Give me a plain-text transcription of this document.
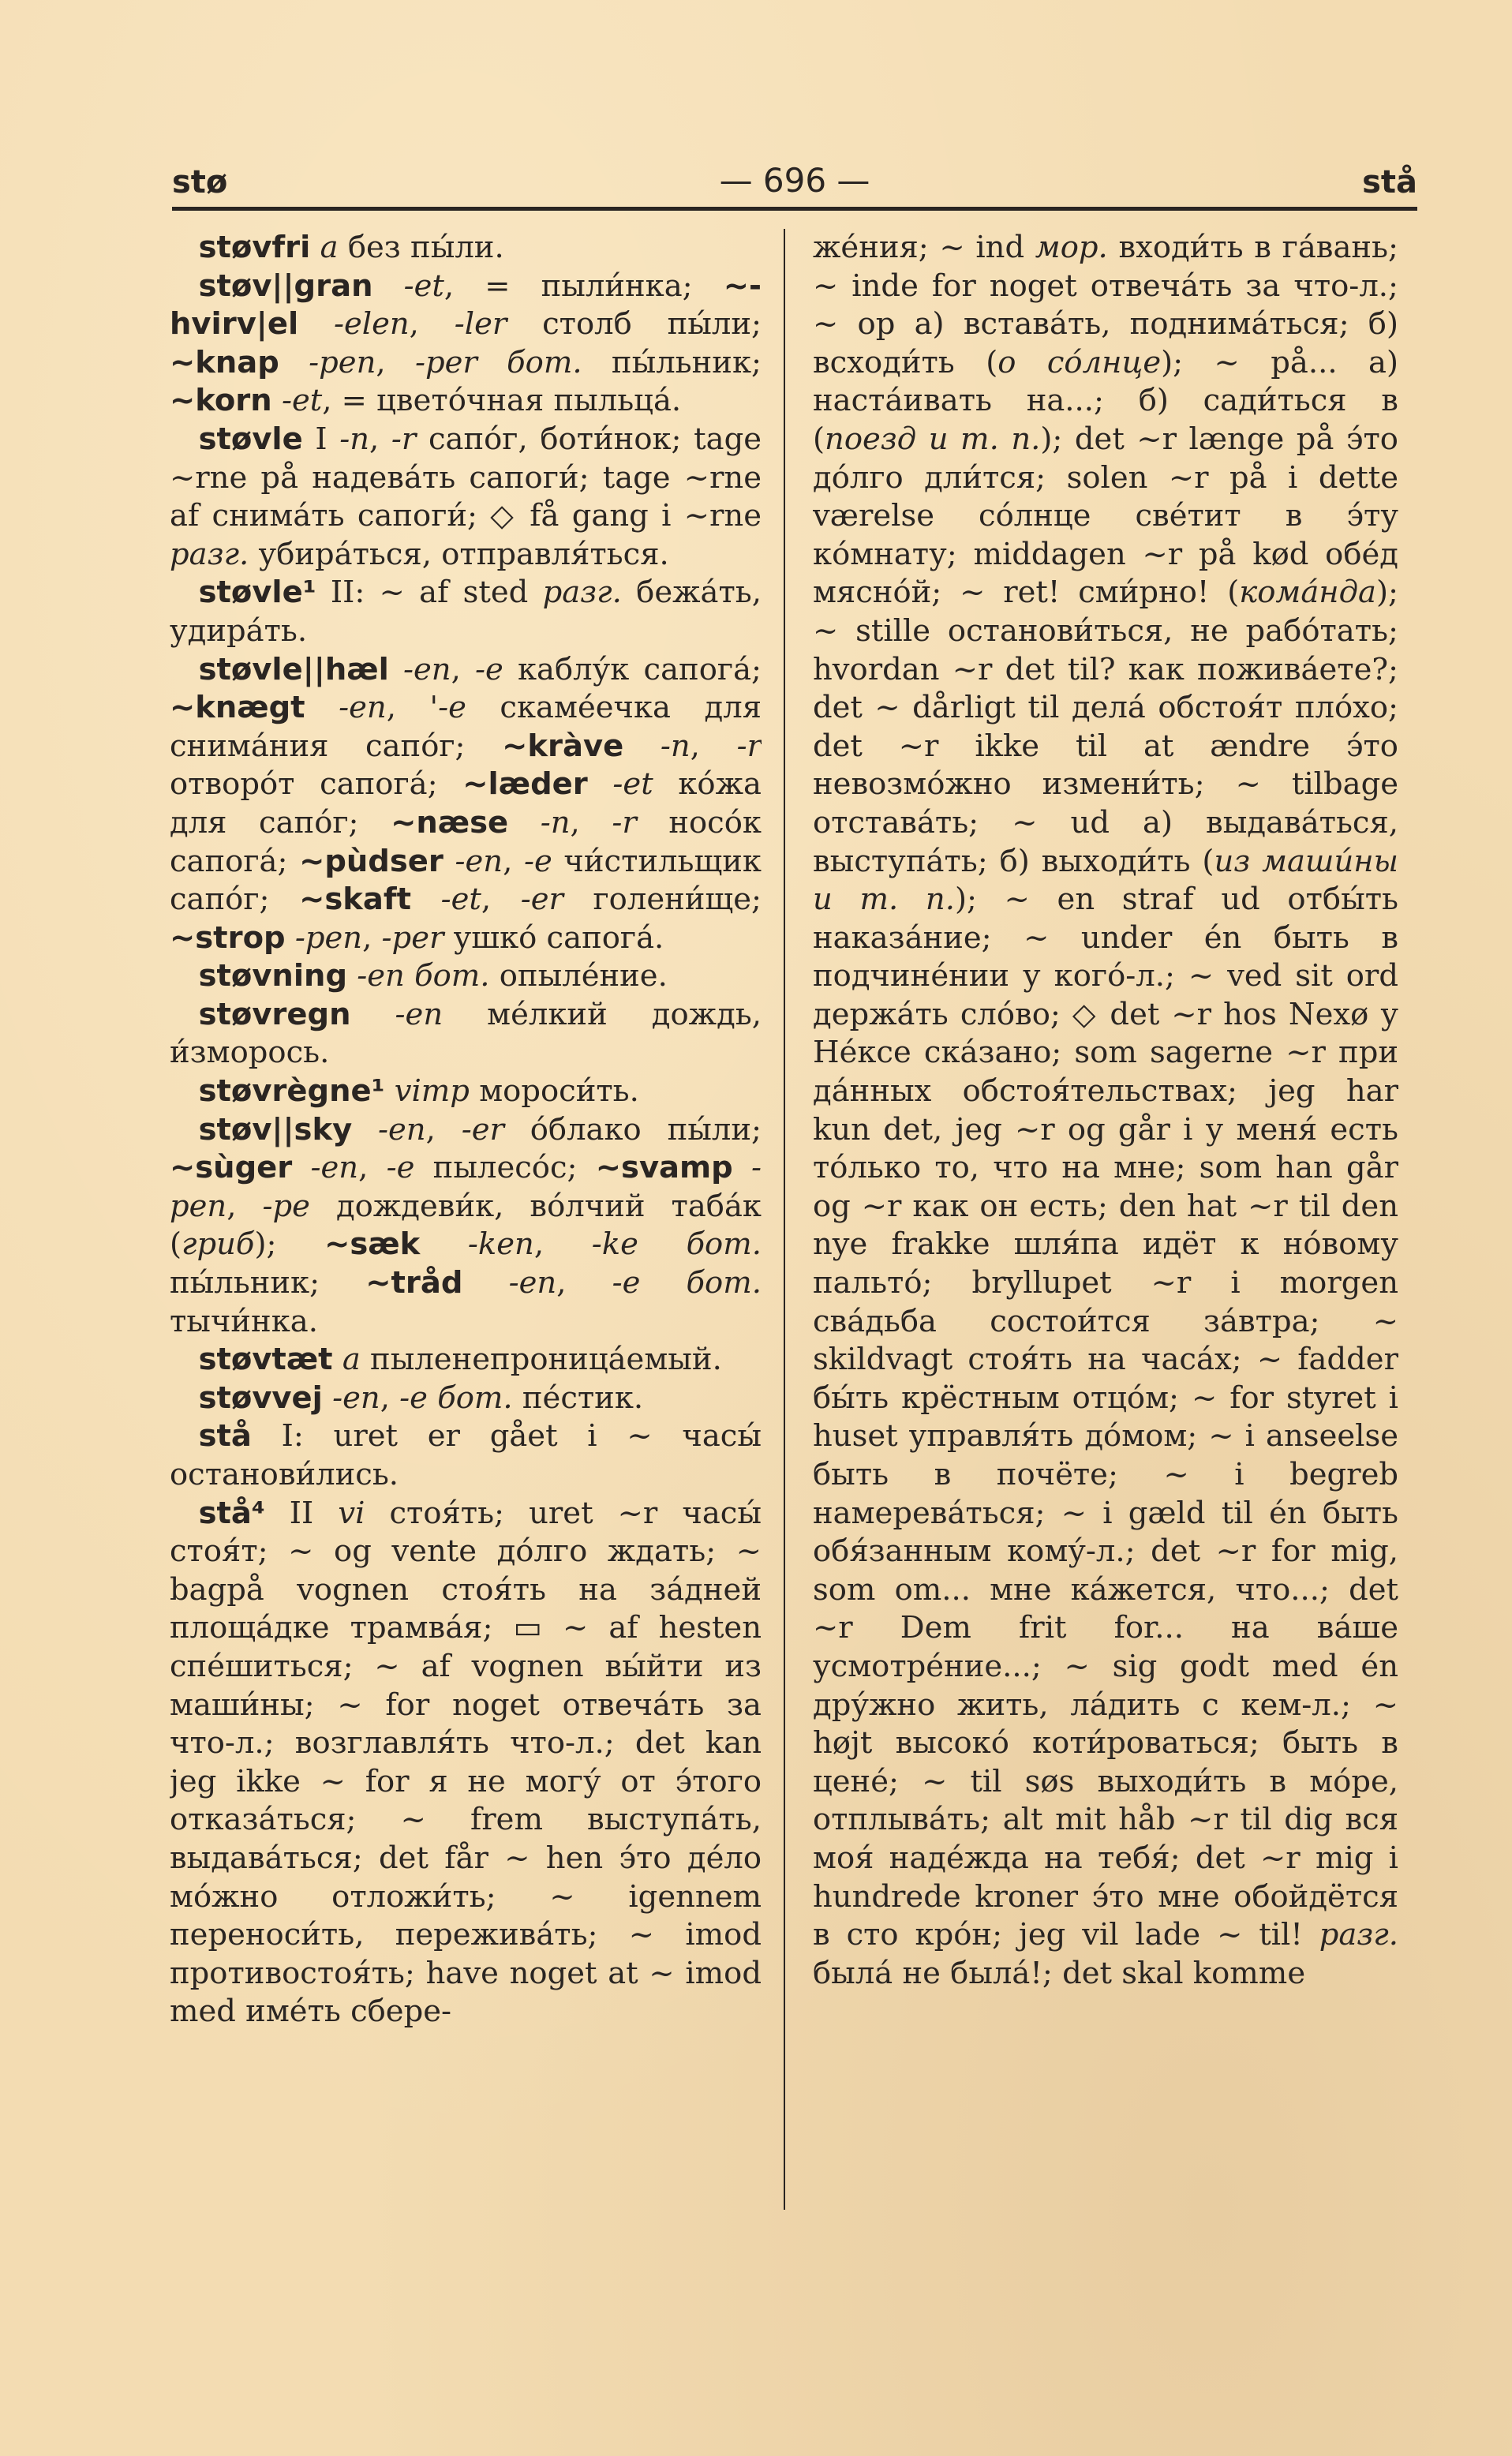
stø	— 696 —	stå

støvfri a без пы́ли.

støv||gran -et, = пыли́нка; ~-hvirv|el -elen, -ler столб пы́ли; ~knap -pen, -per бот. пы́льник; ~korn -et, = цвето́чная пыльца́.

støvle I -n, -r сапо́г, боти́нок; tage ~rne på надева́ть сапоги́; tage ~rne af снима́ть сапоги́; ◇ få gang i ~rne разг. убира́ться, отправля́ться.

støvle¹ II: ~ af sted разг. бежа́ть, удира́ть.

støvle||hæl -en, -e каблу́к сапога́; ~knægt -en, '-e скаме́ечка для снима́ния сапо́г; ~kràve -n, -r отворо́т сапога́; ~læder -et ко́жа для сапо́г; ~næse -n, -r носо́к сапога́; ~pùdser -en, -e чи́стильщик сапо́г; ~skaft -et, -er голени́ще; ~strop -pen, -per ушко́ сапога́.

støvning -en бот. опыле́ние.

støvregn -en ме́лкий дождь, и́зморось.

støvrègne¹ vimp мороси́ть.

støv||sky -en, -er о́блако пы́ли; ~sùger -en, -e пылесо́с; ~svamp -pen, -pe дождеви́к, во́лчий таба́к (гриб); ~sæk -ken, -ke бот. пы́льник; ~tråd -en, -e бот. тычи́нка.

støvtæt a пыленепроница́емый.

støvvej -en, -e бот. пе́стик.

stå I: uret er gået i ~ часы́ останови́лись.

stå⁴ II vi стоя́ть; uret ~r часы́ стоя́т; ~ og vente до́лго ждать; ~ bagpå vognen стоя́ть на за́дней площа́дке трамва́я; ▭ ~ af hesten спе́шиться; ~ af vognen вы́йти из маши́ны; ~ for noget отвеча́ть за что-л.; возглавля́ть что-л.; det kan jeg ikke ~ for я не могу́ от э́того отказа́ться; ~ frem выступа́ть, выдава́ться; det får ~ hen э́то де́ло мо́жно отложи́ть; ~ igennem переноси́ть, пережива́ть; ~ imod противостоя́ть; have noget at ~ imod med име́ть сбере-

же́ния; ~ ind мор. входи́ть в га́вань; ~ inde for noget отвеча́ть за что-л.; ~ op а) встава́ть, поднима́ться; б) всходи́ть (о со́лнце); ~ på... а) наста́ивать на...; б) сади́ться в (поезд и т. п.); det ~r længe på э́то до́лго дли́тся; solen ~r på i dette værelse со́лнце све́тит в э́ту ко́мнату; middagen ~r på kød обе́д мясно́й; ~ ret! сми́рно! (кома́нда); ~ stille останови́ться, не рабо́тать; hvordan ~r det til? как пожива́ете?; det ~ dårligt til дела́ обстоя́т пло́хо; det ~r ikke til at ændre э́то невозмо́жно измени́ть; ~ tilbage отстава́ть; ~ ud а) выдава́ться, выступа́ть; б) выходи́ть (из маши́ны и т. п.); ~ en straf ud отбы́ть наказа́ние; ~ under én быть в подчине́нии у кого́-л.; ~ ved sit ord держа́ть сло́во; ◇ det ~r hos Nexø у Не́ксе ска́зано; som sagerne ~r при да́нных обстоя́тельствах; jeg har kun det, jeg ~r og går i у меня́ есть то́лько то, что на мне; som han går og ~r как он есть; den hat ~r til den nye frakke шля́па идёт к но́вому пальто́; bryllupet ~r i morgen сва́дьба состои́тся за́втра; ~ skildvagt стоя́ть на часа́х; ~ fadder бы́ть крёстным отцо́м; ~ for styret i huset управля́ть до́мом; ~ i anseelse быть в почёте; ~ i begreb намерева́ться; ~ i gæld til én быть обя́занным кому́-л.; det ~r for mig, som om... мне ка́жется, что...; det ~r Dem frit for... на ва́ше усмотре́ние...; ~ sig godt med én дру́жно жить, ла́дить с кем-л.; ~ højt высоко́ коти́роваться; быть в цене́; ~ til søs выходи́ть в мо́ре, отплыва́ть; alt mit håb ~r til dig вся моя́ наде́жда на тебя́; det ~r mig i hundrede kroner э́то мне обойдётся в сто кро́н; jeg vil lade ~ til! разг. была́ не была́!; det skal komme
